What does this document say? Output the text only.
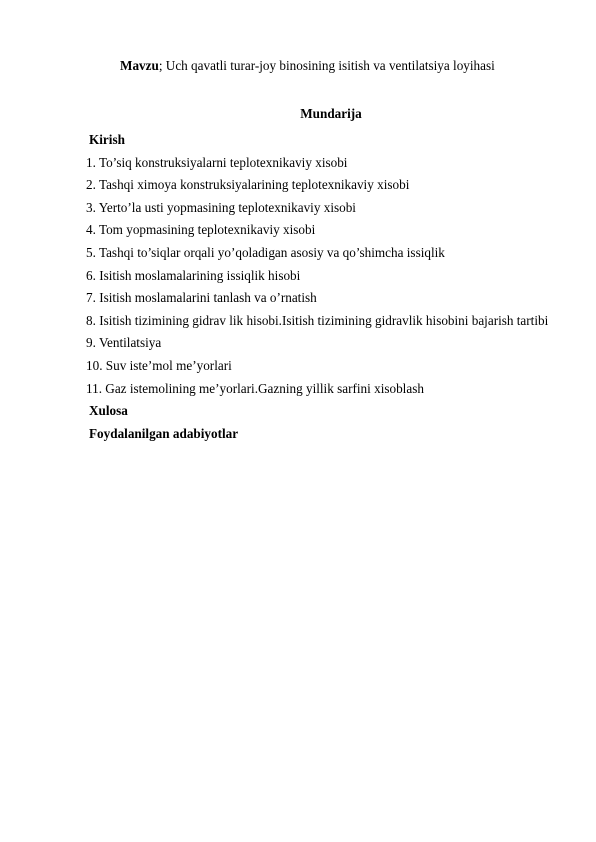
Mavzu; Uch qavatli turar-joy binosining isitish va ventilatsiya loyihasi
Mundarija
Kirish
1. To’siq konstruksiyalarni teplotexnikaviy xisobi
2. Tashqi ximoya konstruksiyalarining teplotexnikaviy xisobi
3. Yerto’la usti yopmasining teplotexnikaviy xisobi
4. Tom yopmasining teplotexnikaviy xisobi
5. Tashqi to’siqlar orqali yo’qoladigan asosiy va qo’shimcha issiqlik
6. Isitish moslamalarining issiqlik hisobi
7. Isitish moslamalarini tanlash va o’rnatish
8. Isitish tizimining gidrav lik hisobi.Isitish tizimining gidravlik hisobini bajarish tartibi
9. Ventilatsiya
10. Suv iste’mol me’yorlari
11. Gaz istemolining me’yorlari.Gazning yillik sarfini xisoblash
Xulosa
Foydalanilgan adabiyotlar
